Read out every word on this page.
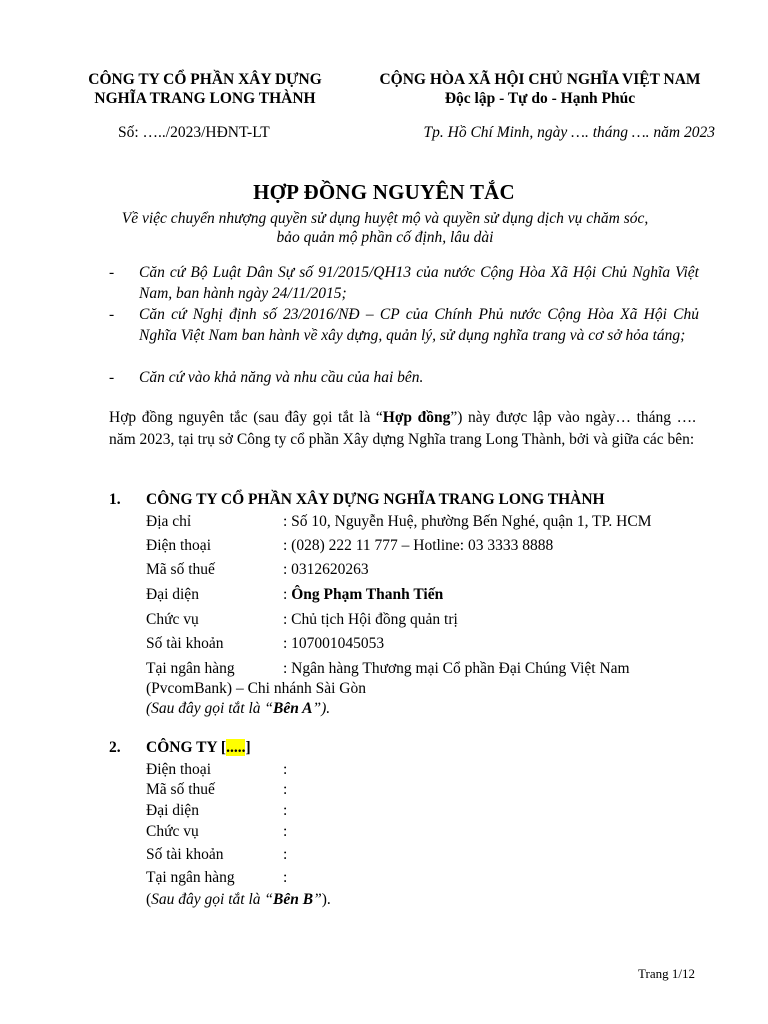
CÔNG TY CỔ PHẦN XÂY DỰNG
NGHĨA TRANG LONG THÀNH
CỘNG HÒA XÃ HỘI CHỦ NGHĨA VIỆT NAM
Độc lập - Tự do - Hạnh Phúc
Số: …../2023/HĐNT-LT	Tp. Hồ Chí Minh, ngày …. tháng …. năm 2023
HỢP ĐỒNG NGUYÊN TẮC
Về việc chuyển nhượng quyền sử dụng huyệt mộ và quyền sử dụng dịch vụ chăm sóc,
bảo quản mộ phần cố định, lâu dài
- Căn cứ Bộ Luật Dân Sự số 91/2015/QH13 của nước Cộng Hòa Xã Hội Chủ Nghĩa Việt Nam, ban hành ngày 24/11/2015;
- Căn cứ Nghị định số 23/2016/NĐ – CP của Chính Phủ nước Cộng Hòa Xã Hội Chủ Nghĩa Việt Nam ban hành về xây dựng, quản lý, sử dụng nghĩa trang và cơ sở hỏa táng;
- Căn cứ vào khả năng và nhu cầu của hai bên.
Hợp đồng nguyên tắc (sau đây gọi tắt là “Hợp đồng”) này được lập vào ngày… tháng …. năm 2023, tại trụ sở Công ty cổ phần Xây dựng Nghĩa trang Long Thành, bởi và giữa các bên:
1. CÔNG TY CỔ PHẦN XÂY DỰNG NGHĨA TRANG LONG THÀNH
Địa chỉ	: Số 10, Nguyễn Huệ, phường Bến Nghé, quận 1, TP. HCM
Điện thoại	: (028) 222 11 777 – Hotline: 03 3333 8888
Mã số thuế	: 0312620263
Đại diện	: Ông Phạm Thanh Tiến
Chức vụ	: Chủ tịch Hội đồng quản trị
Số tài khoản	: 107001045053
Tại ngân hàng	: Ngân hàng Thương mại Cổ phần Đại Chúng Việt Nam
(PvcomBank) – Chi nhánh Sài Gòn
(Sau đây gọi tắt là “Bên A”).
2. CÔNG TY [.....]
Điện thoại	:
Mã số thuế	:
Đại diện	:
Chức vụ	:
Số tài khoản	:
Tại ngân hàng	:
(Sau đây gọi tắt là “Bên B”).
Trang 1/12
